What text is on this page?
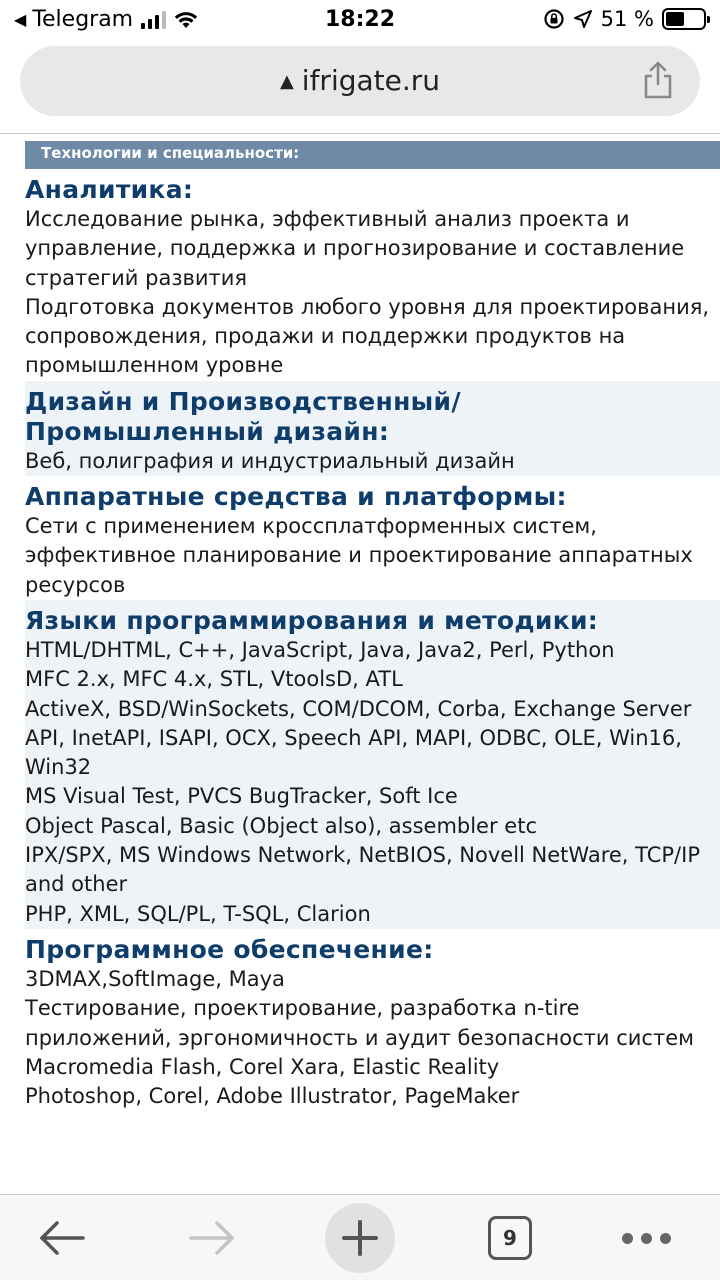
◀ Telegram	18:22	51 %
▲ ifrigate.ru
Технологии и специальности:
Аналитика:

Исследование рынка, эффективный анализ проекта и управление, поддержка и прогнозирование и составление стратегий развития

Подготовка документов любого уровня для проектирования, сопровождения, продажи и поддержки продуктов на промышленном уровне

Дизайн и Производственный/ Промышленный дизайн:

Веб, полиграфия и индустриальный дизайн

Аппаратные средства и платформы:

Сети с применением кроссплатформенных систем, эффективное планирование и проектирование аппаратных ресурсов

Языки программирования и методики:

HTML/DHTML, C++, JavaScript, Java, Java2, Perl, Python

MFC 2.x, MFC 4.x, STL, VtoolsD, ATL

ActiveX, BSD/WinSockets, COM/DCOM, Corba, Exchange Server API, InetAPI, ISAPI, OCX, Speech API, MAPI, ODBC, OLE, Win16, Win32

MS Visual Test, PVCS BugTracker, Soft Ice

Object Pascal, Basic (Object also), assembler etc

IPX/SPX, MS Windows Network, NetBIOS, Novell NetWare, TCP/IP and other

PHP, XML, SQL/PL, T-SQL, Clarion

Программное обеспечение:

3DMAX,SoftImage, Maya

Тестирование, проектирование, разработка n-tire приложений, эргономичность и аудит безопасности систем

Macromedia Flash, Corel Xara, Elastic Reality

Photoshop, Corel, Adobe Illustrator, PageMaker

9
